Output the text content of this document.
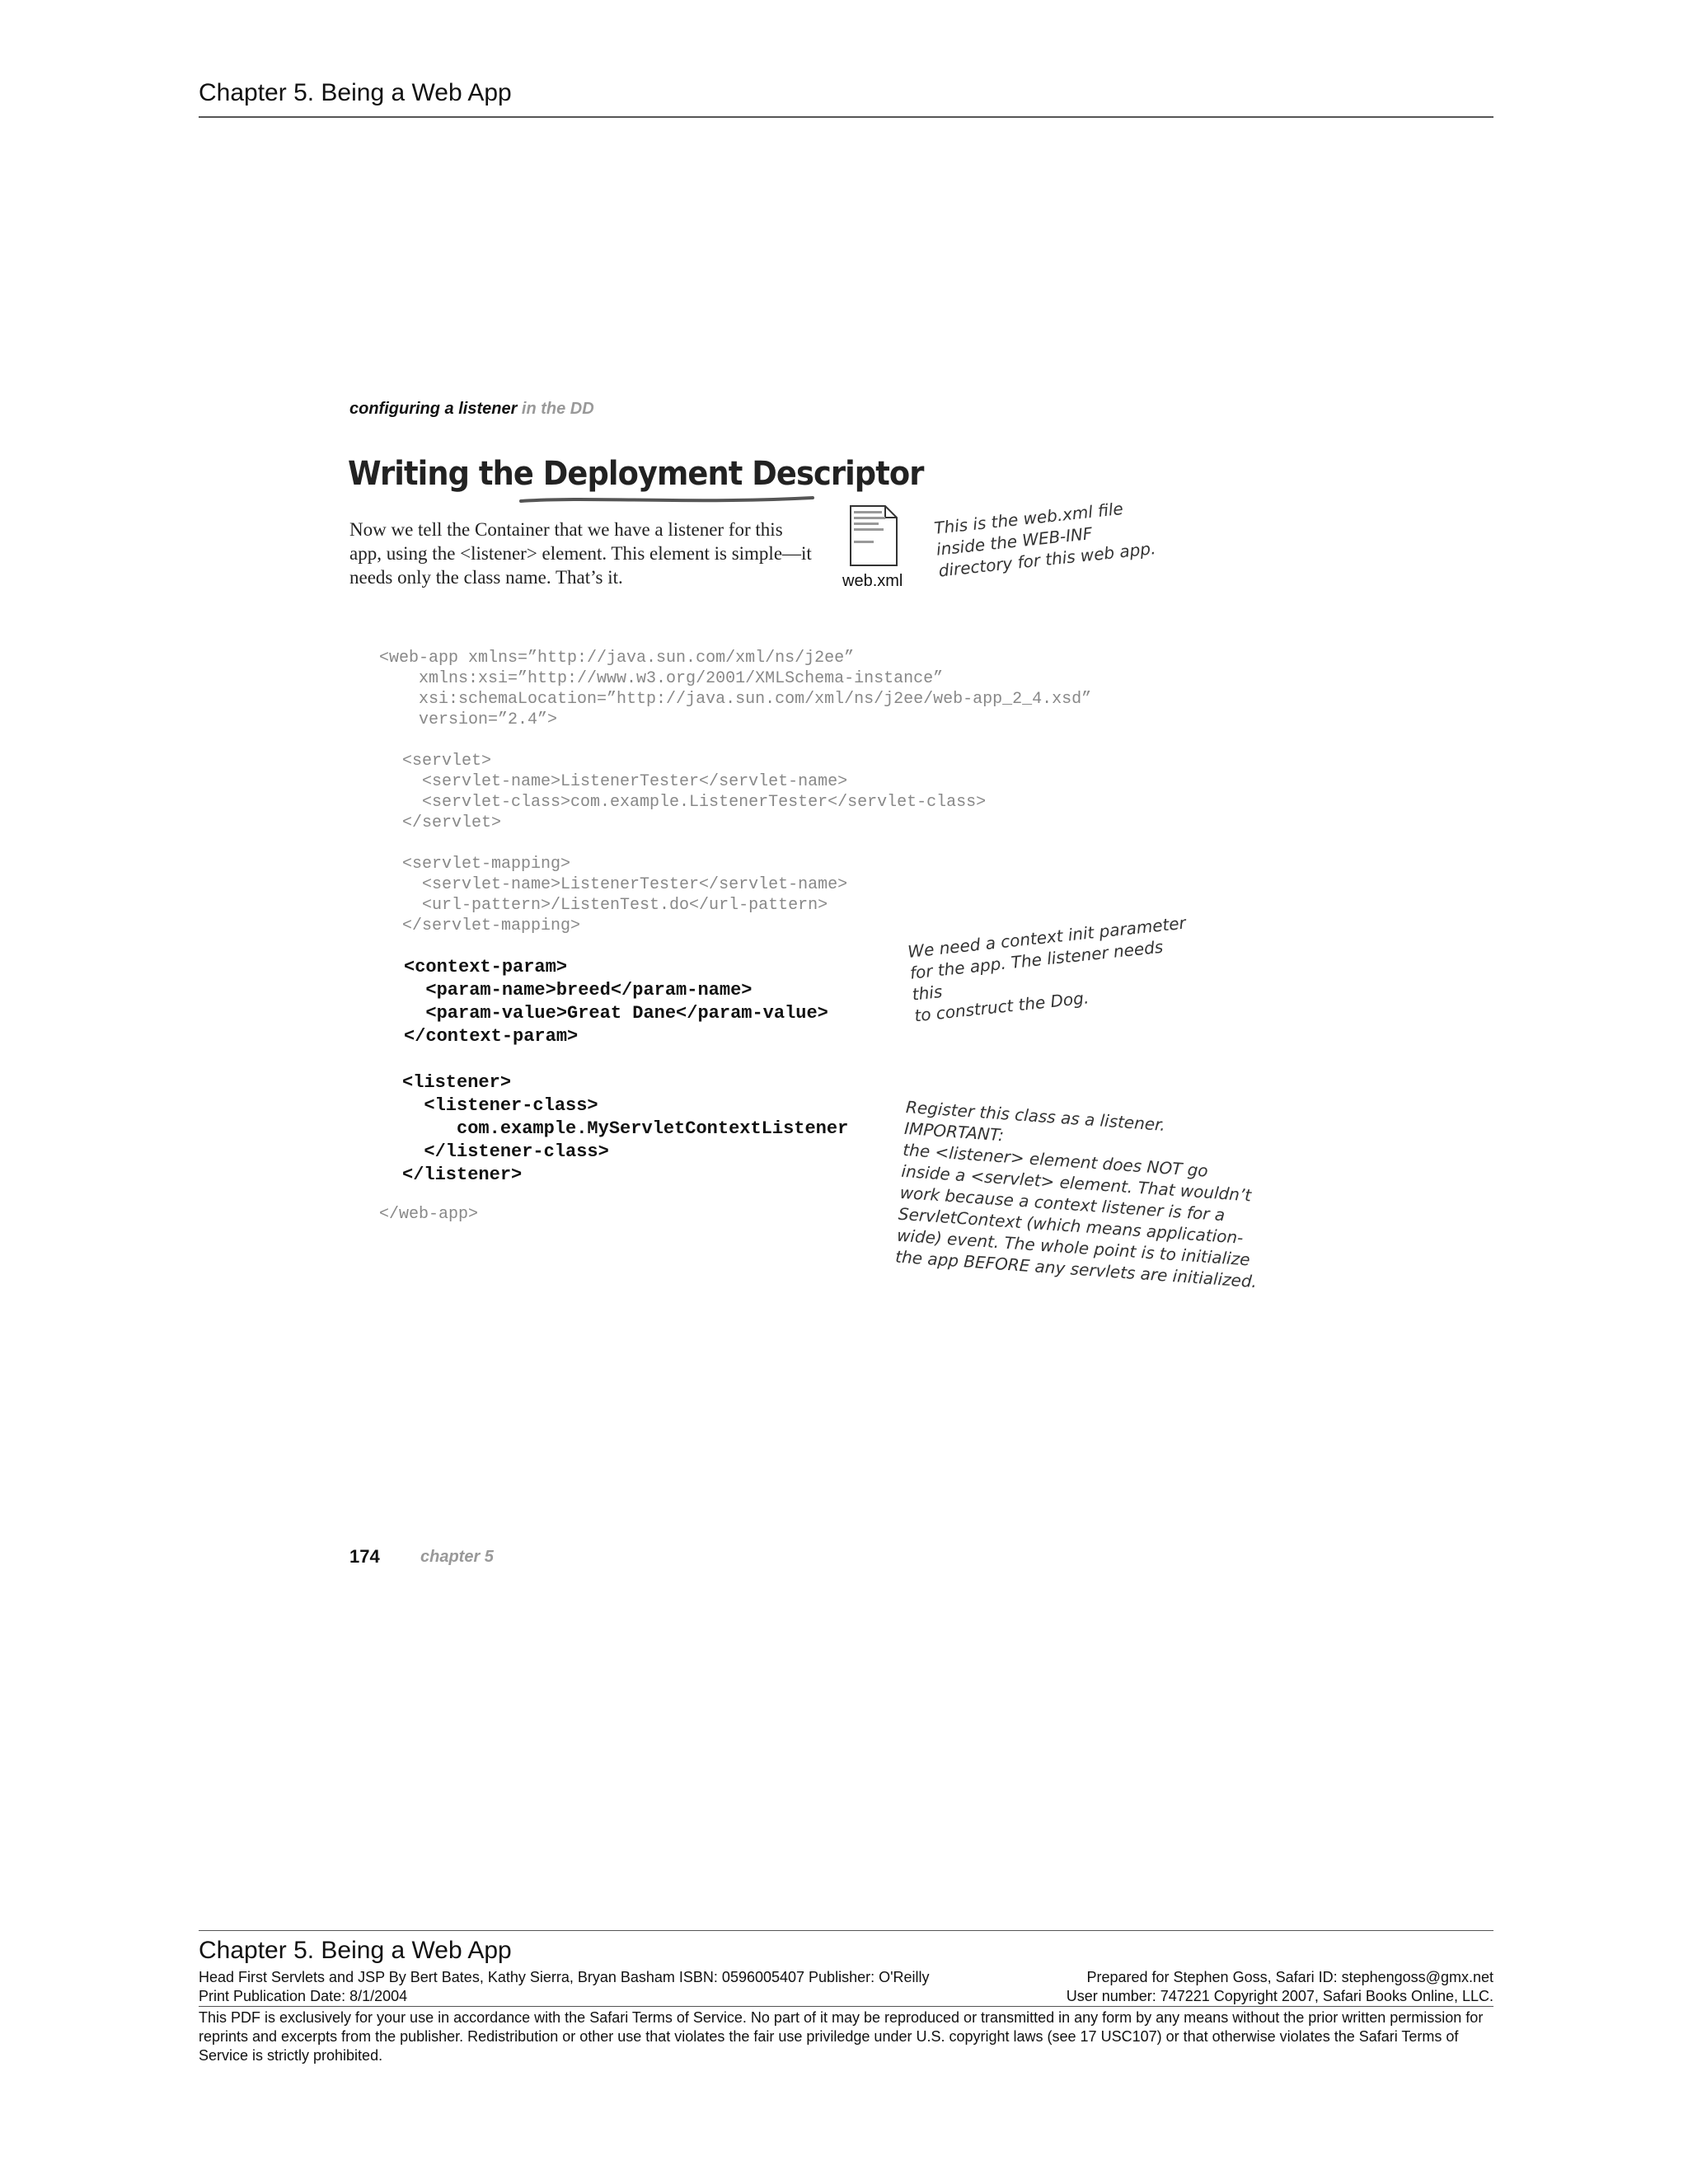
Chapter 5. Being a Web App
configuring a listener in the DD
Writing the Deployment Descriptor
Now we tell the Container that we have a listener for this app, using the <listener> element. This element is simple—it needs only the class name. That’s it.	web.xml
This is the web.xml file
inside the WEB-INF
directory for this web app.
We need a context init parameter
for the app. The listener needs this
to construct the Dog.
Register this class as a listener. IMPORTANT:
the <listener> element does NOT go
inside a <servlet> element. That wouldn’t
work because a context listener is for a
ServletContext (which means application-
wide) event. The whole point is to initialize
the app BEFORE any servlets are initialized.
<web-app xmlns=”http://java.sun.com/xml/ns/j2ee”
xmlns:xsi=”http://www.w3.org/2001/XMLSchema-instance”
xsi:schemaLocation=”http://java.sun.com/xml/ns/j2ee/web-app_2_4.xsd”
version=”2.4”>
<servlet>
<servlet-name>ListenerTester</servlet-name>
<servlet-class>com.example.ListenerTester</servlet-class>
</servlet>
<servlet-mapping>
<servlet-name>ListenerTester</servlet-name>
<url-pattern>/ListenTest.do</url-pattern>
</servlet-mapping>
<context-param>
<param-name>breed</param-name>
<param-value>Great Dane</param-value>
</context-param>
<listener>
<listener-class>
com.example.MyServletContextListener
</listener-class>
</listener>
</web-app>
174 chapter 5
Chapter 5. Being a Web App
Head First Servlets and JSP By Bert Bates, Kathy Sierra, Bryan Basham ISBN: 0596005407 Publisher: O'Reilly	Prepared for Stephen Goss, Safari ID: stephengoss@gmx.net
Print Publication Date: 8/1/2004	User number: 747221 Copyright 2007, Safari Books Online, LLC.
This PDF is exclusively for your use in accordance with the Safari Terms of Service. No part of it may be reproduced or transmitted in any form by any means without the prior written permission for reprints and excerpts from the publisher. Redistribution or other use that violates the fair use priviledge under U.S. copyright laws (see 17 USC107) or that otherwise violates the Safari Terms of Service is strictly prohibited.
